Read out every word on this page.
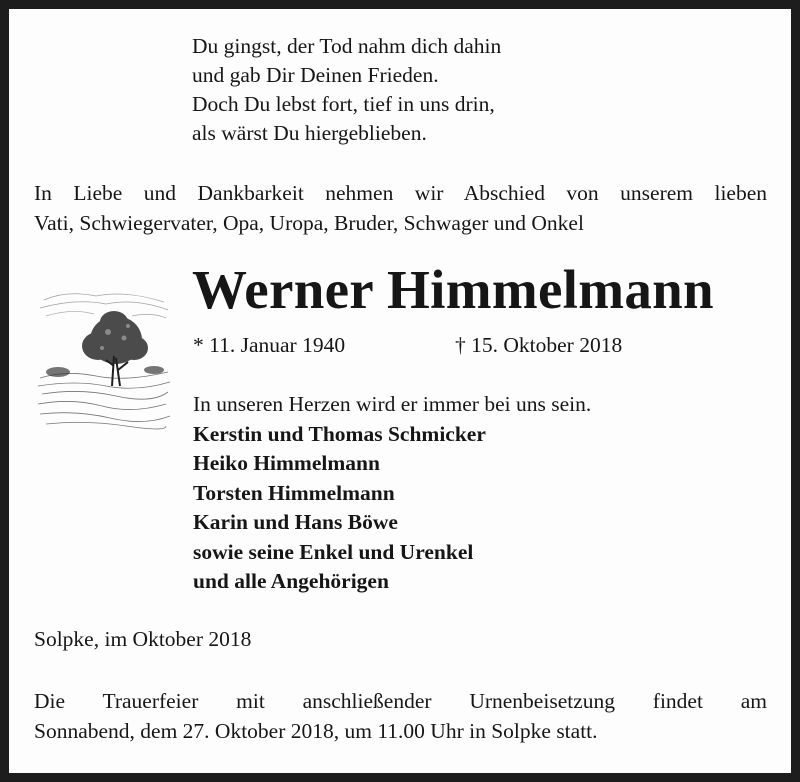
Du gingst, der Tod nahm dich dahin
und gab Dir Deinen Frieden.
Doch Du lebst fort, tief in uns drin,
als wärst Du hiergeblieben.
In Liebe und Dankbarkeit nehmen wir Abschied von unserem lieben
Vati, Schwiegervater, Opa, Uropa, Bruder, Schwager und Onkel
Werner Himmelmann
* 11. Januar 1940	† 15. Oktober 2018
In unseren Herzen wird er immer bei uns sein.
Kerstin und Thomas Schmicker
Heiko Himmelmann
Torsten Himmelmann
Karin und Hans Böwe
sowie seine Enkel und Urenkel
und alle Angehörigen
Solpke, im Oktober 2018
Die Trauerfeier mit anschließender Urnenbeisetzung findet am
Sonnabend, dem 27. Oktober 2018, um 11.00 Uhr in Solpke statt.
